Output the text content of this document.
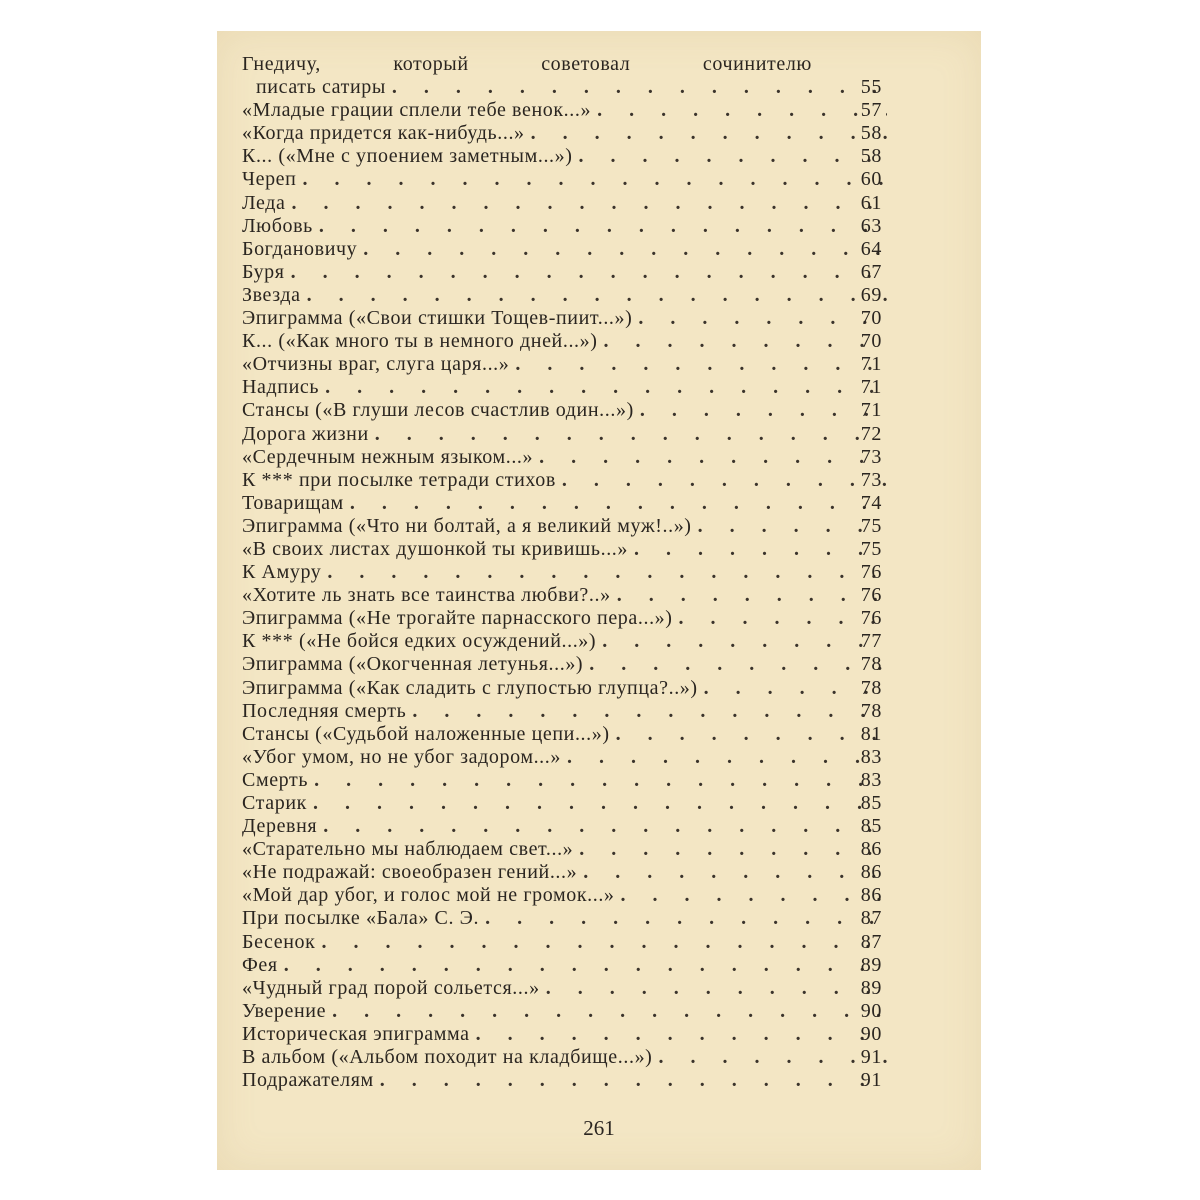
Гнедичу,	который	советовал	сочинителю
писать сатиры . . .	55
«Младые грации сплели тебе венок...» . . .	57
«Когда придется как-нибудь...» . . .	58
К... («Мне с упоением заметным...») . . .	58
Череп . . .	60
Леда . . .	61
Любовь . . .	63
Богдановичу . . .	64
Буря . . .	67
Звезда . . .	69
Эпиграмма («Свои стишки Тощев-пиит...») . . .	70
К... («Как много ты в немного дней...») . . .	70
«Отчизны враг, слуга царя...» . . .	71
Надпись . . .	71
Стансы («В глуши лесов счастлив один...») . . .	71
Дорога жизни . . .	72
«Сердечным нежным языком...» . . .	73
К *** при посылке тетради стихов . . .	73
Товарищам . . .	74
Эпиграмма («Что ни болтай, а я великий муж!..») . . .	75
«В своих листах душонкой ты кривишь...» . . .	75
К Амуру . . .	76
«Хотите ль знать все таинства любви?..» . . .	76
Эпиграмма («Не трогайте парнасского пера...») . . .	76
К *** («Не бойся едких осуждений...») . . .	77
Эпиграмма («Окогченная летунья...») . . .	78
Эпиграмма («Как сладить с глупостью глупца?..») . . .	78
Последняя смерть . . .	78
Стансы («Судьбой наложенные цепи...») . . .	81
«Убог умом, но не убог задором...» . . .	83
Смерть . . .	83
Старик . . .	85
Деревня . . .	85
«Старательно мы наблюдаем свет...» . . .	86
«Не подражай: своеобразен гений...» . . .	86
«Мой дар убог, и голос мой не громок...» . . .	86
При посылке «Бала» С. Э. . . .	87
Бесенок . . .	87
Фея . . .	89
«Чудный град порой сольется...» . . .	89
Уверение . . .	90
Историческая эпиграмма . . .	90
В альбом («Альбом походит на кладбище...») . . .	91
Подражателям . . .	91
261
